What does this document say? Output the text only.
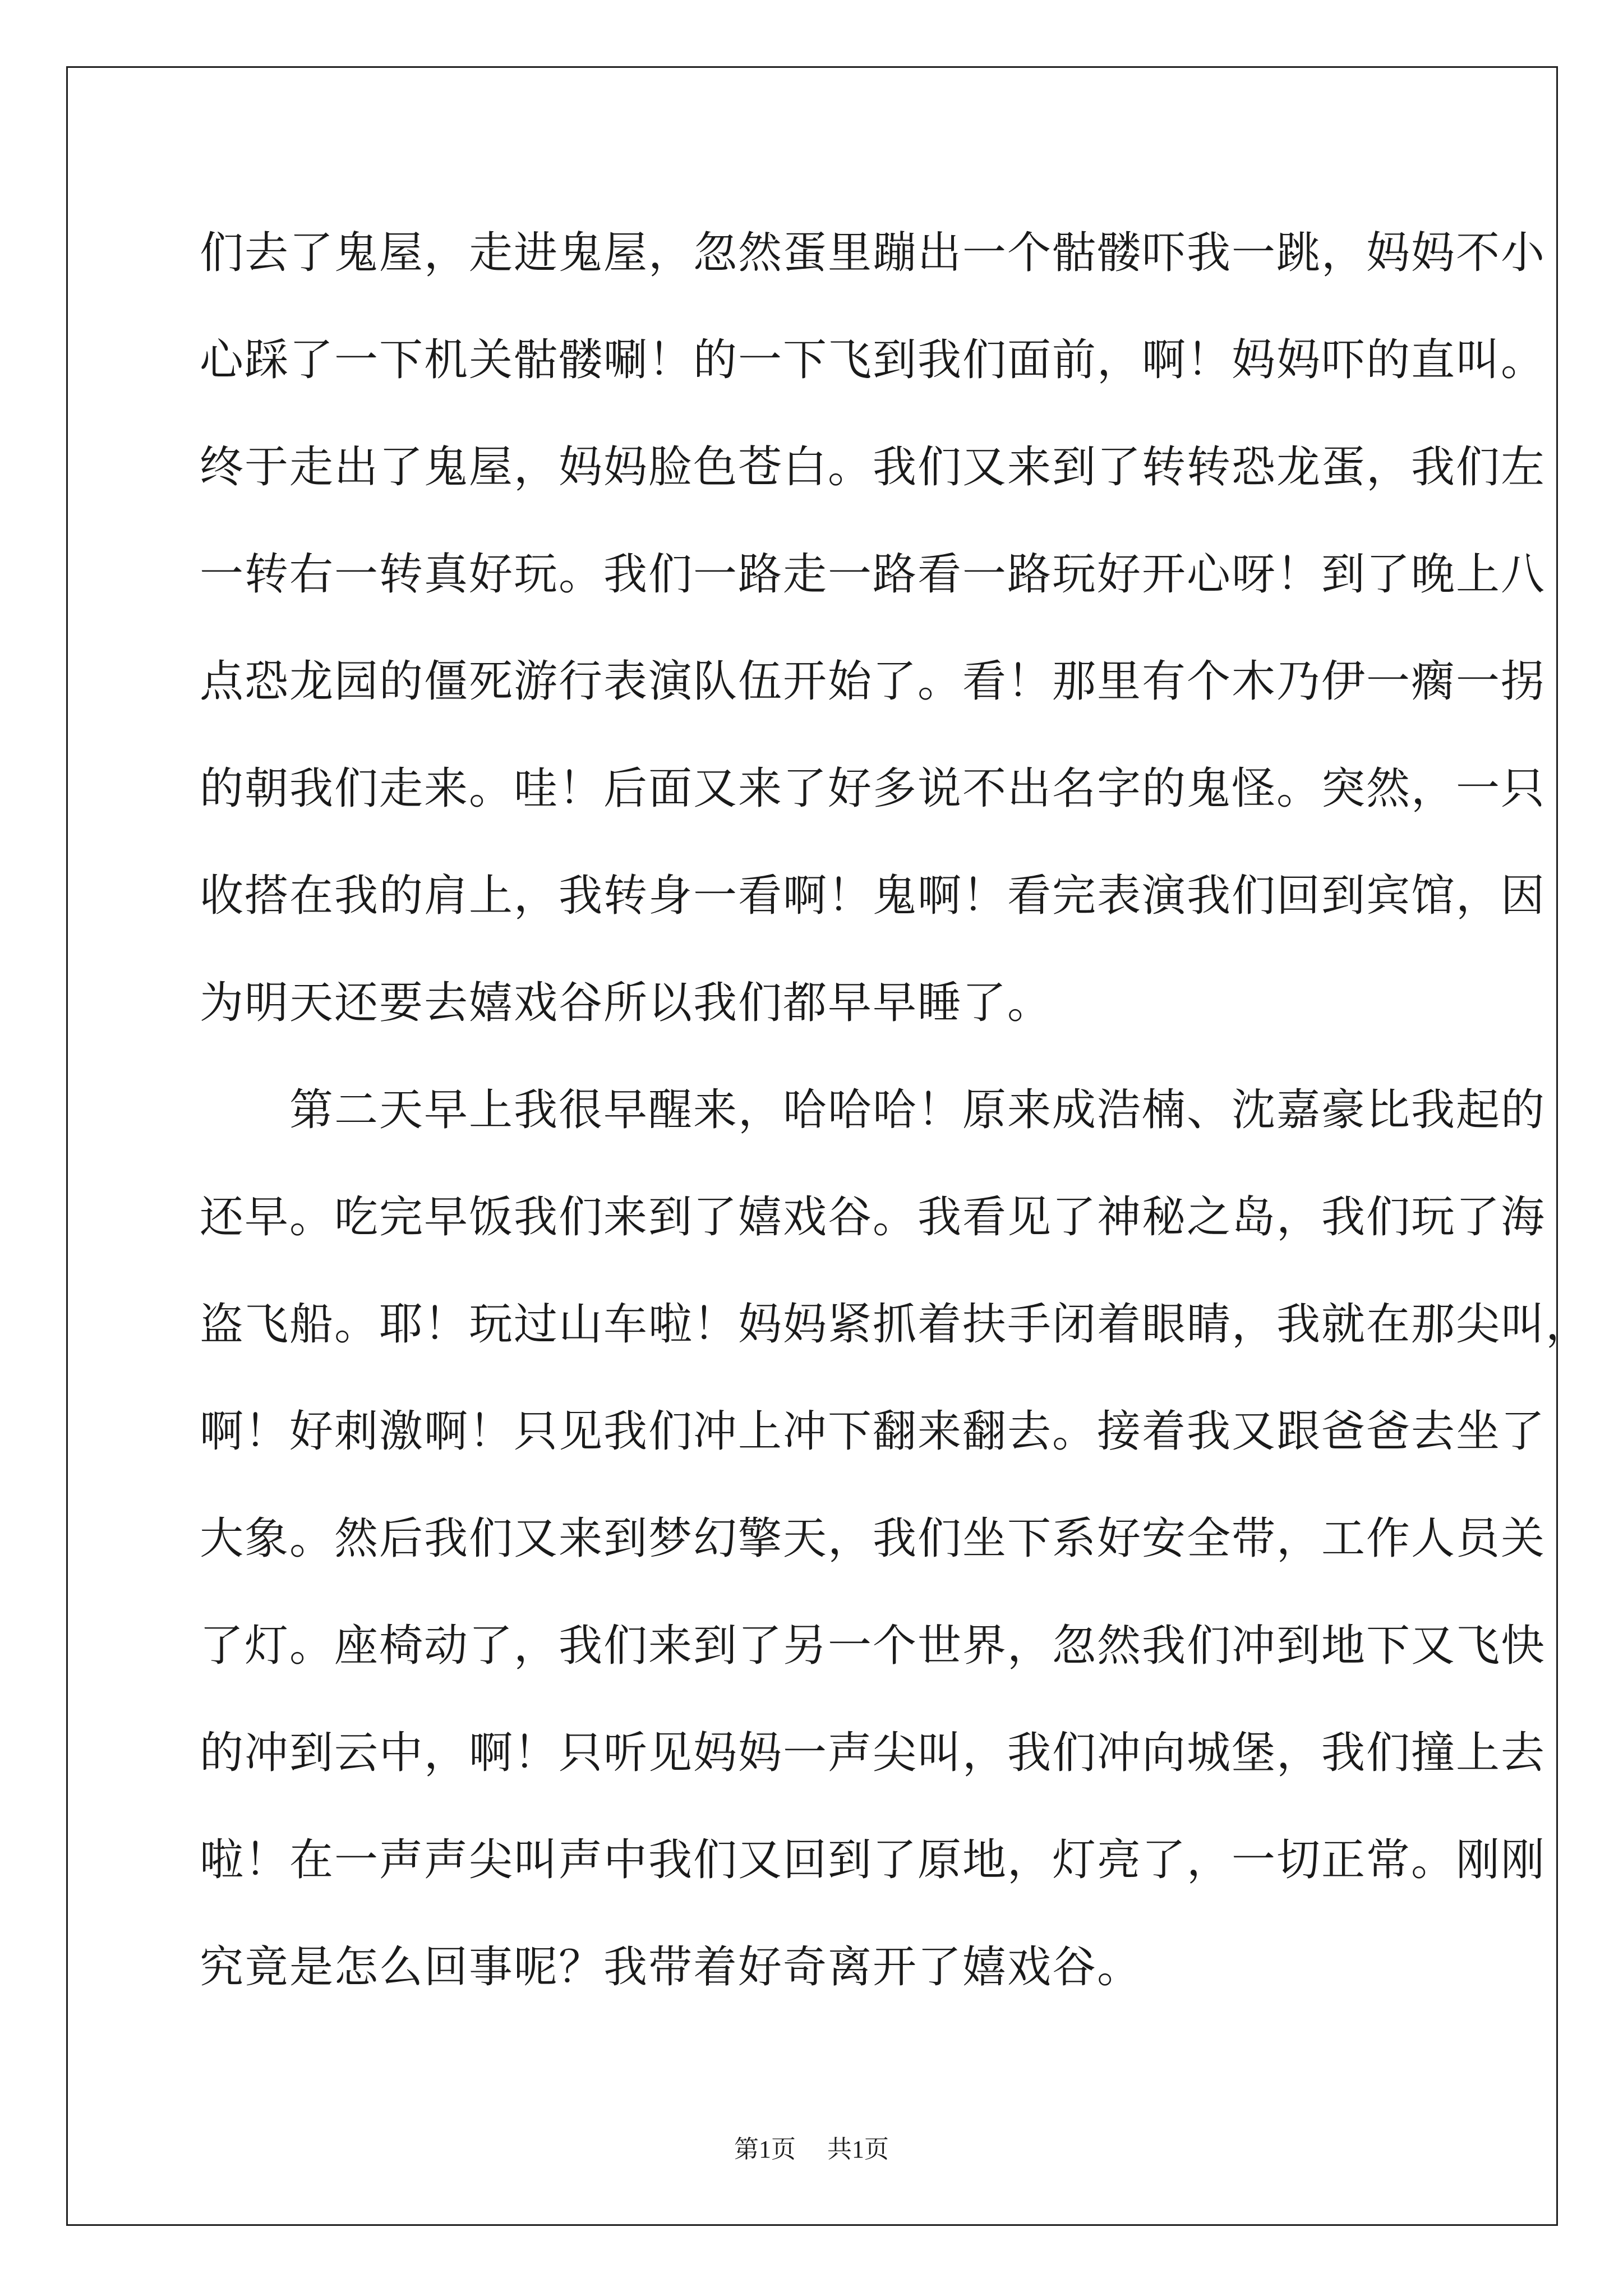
们去了鬼屋，走进鬼屋，忽然蛋里蹦出一个骷髅吓我一跳，妈妈不小
心踩了一下机关骷髅唰！的一下飞到我们面前，啊！妈妈吓的直叫。
终于走出了鬼屋，妈妈脸色苍白。我们又来到了转转恐龙蛋，我们左
一转右一转真好玩。我们一路走一路看一路玩好开心呀！到了晚上八
点恐龙园的僵死游行表演队伍开始了。看！那里有个木乃伊一瘸一拐
的朝我们走来。哇！后面又来了好多说不出名字的鬼怪。突然，一只
收搭在我的肩上，我转身一看啊！鬼啊！看完表演我们回到宾馆，因
为明天还要去嬉戏谷所以我们都早早睡了。
　　第二天早上我很早醒来，哈哈哈！原来成浩楠、沈嘉豪比我起的
还早。吃完早饭我们来到了嬉戏谷。我看见了神秘之岛，我们玩了海
盗飞船。耶！玩过山车啦！妈妈紧抓着扶手闭着眼睛，我就在那尖叫，
啊！好刺激啊！只见我们冲上冲下翻来翻去。接着我又跟爸爸去坐了
大象。然后我们又来到梦幻擎天，我们坐下系好安全带，工作人员关
了灯。座椅动了，我们来到了另一个世界，忽然我们冲到地下又飞快
的冲到云中，啊！只听见妈妈一声尖叫，我们冲向城堡，我们撞上去
啦！在一声声尖叫声中我们又回到了原地，灯亮了，一切正常。刚刚
究竟是怎么回事呢？我带着好奇离开了嬉戏谷。
第1页 共1页
